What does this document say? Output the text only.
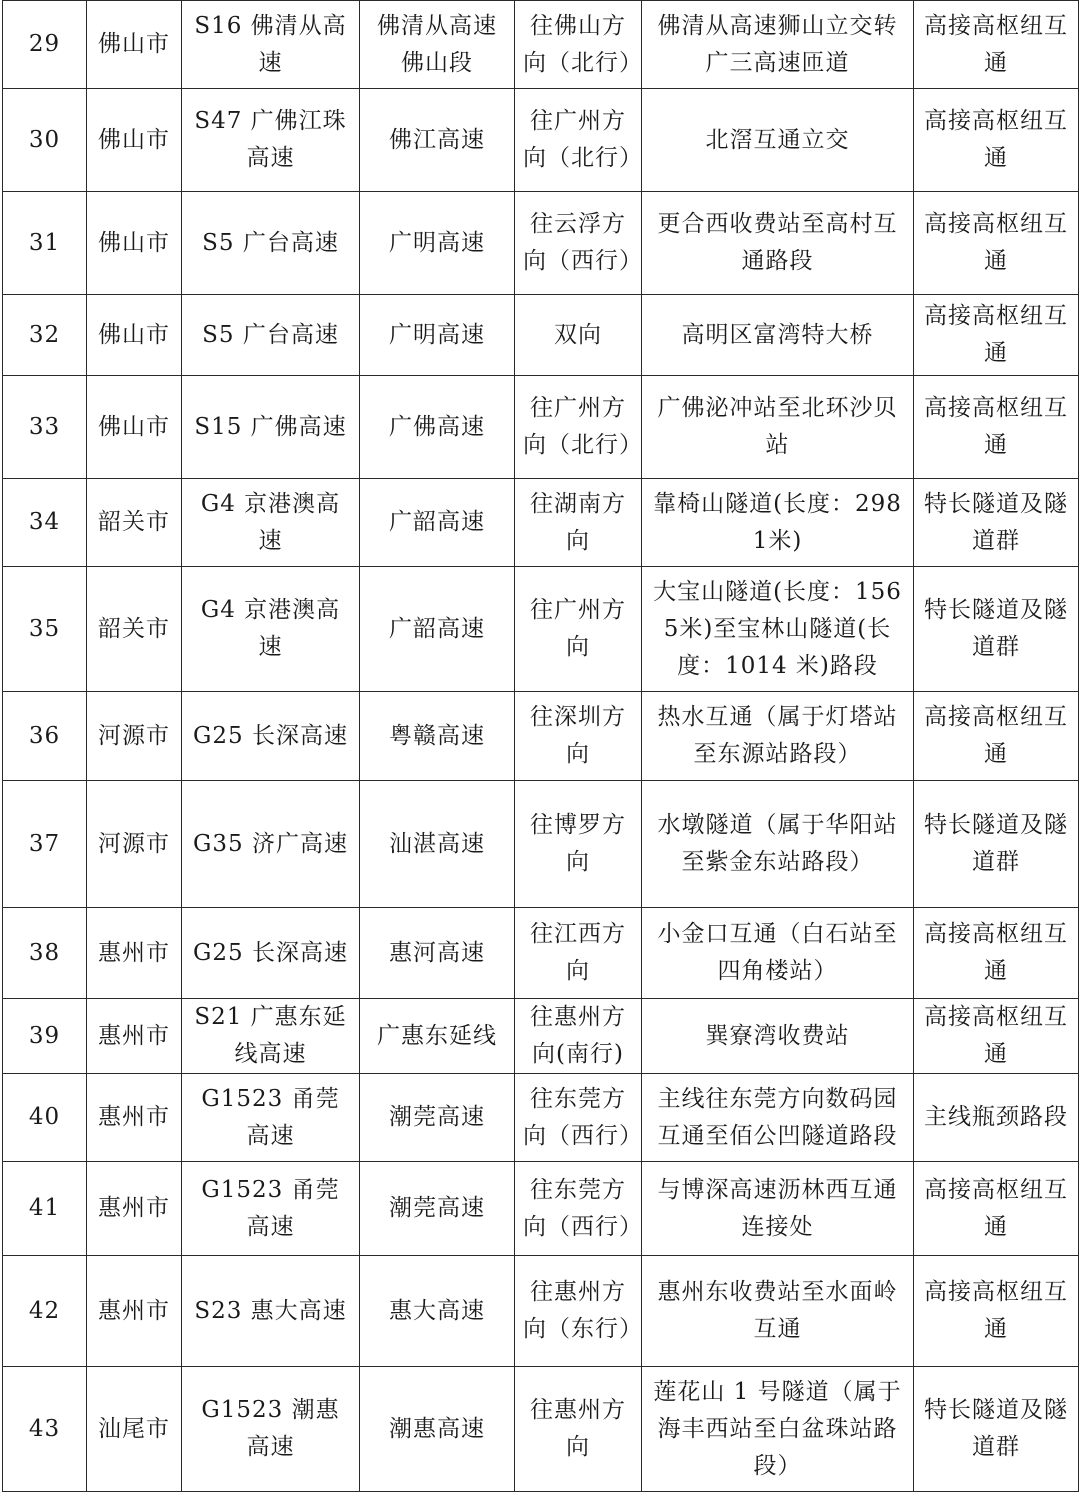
29	佛山市	S16 佛清从高速	佛清从高速佛山段	往佛山方向（北行）	佛清从高速狮山立交转广三高速匝道	高接高枢纽互通
30	佛山市	S47 广佛江珠高速	佛江高速	往广州方向（北行）	北滘互通立交	高接高枢纽互通
31	佛山市	S5 广台高速	广明高速	往云浮方向（西行）	更合西收费站至高村互通路段	高接高枢纽互通
32	佛山市	S5 广台高速	广明高速	双向	高明区富湾特大桥	高接高枢纽互通
33	佛山市	S15 广佛高速	广佛高速	往广州方向（北行）	广佛泌冲站至北环沙贝站	高接高枢纽互通
34	韶关市	G4 京港澳高速	广韶高速	往湖南方向	靠椅山隧道(长度：2981米)	特长隧道及隧道群
35	韶关市	G4 京港澳高速	广韶高速	往广州方向	大宝山隧道(长度：1565米)至宝林山隧道(长度：1014 米)路段	特长隧道及隧道群
36	河源市	G25 长深高速	粤赣高速	往深圳方向	热水互通（属于灯塔站至东源站路段）	高接高枢纽互通
37	河源市	G35 济广高速	汕湛高速	往博罗方向	水墩隧道（属于华阳站至紫金东站路段）	特长隧道及隧道群
38	惠州市	G25 长深高速	惠河高速	往江西方向	小金口互通（白石站至四角楼站）	高接高枢纽互通
39	惠州市	S21 广惠东延线高速	广惠东延线	往惠州方向(南行)	巽寮湾收费站	高接高枢纽互通
40	惠州市	G1523 甬莞高速	潮莞高速	往东莞方向（西行）	主线往东莞方向数码园互通至佰公凹隧道路段	主线瓶颈路段
41	惠州市	G1523 甬莞高速	潮莞高速	往东莞方向（西行）	与博深高速沥林西互通连接处	高接高枢纽互通
42	惠州市	S23 惠大高速	惠大高速	往惠州方向（东行）	惠州东收费站至水面岭互通	高接高枢纽互通
43	汕尾市	G1523 潮惠高速	潮惠高速	往惠州方向	莲花山 1 号隧道（属于海丰西站至白盆珠站路段）	特长隧道及隧道群
